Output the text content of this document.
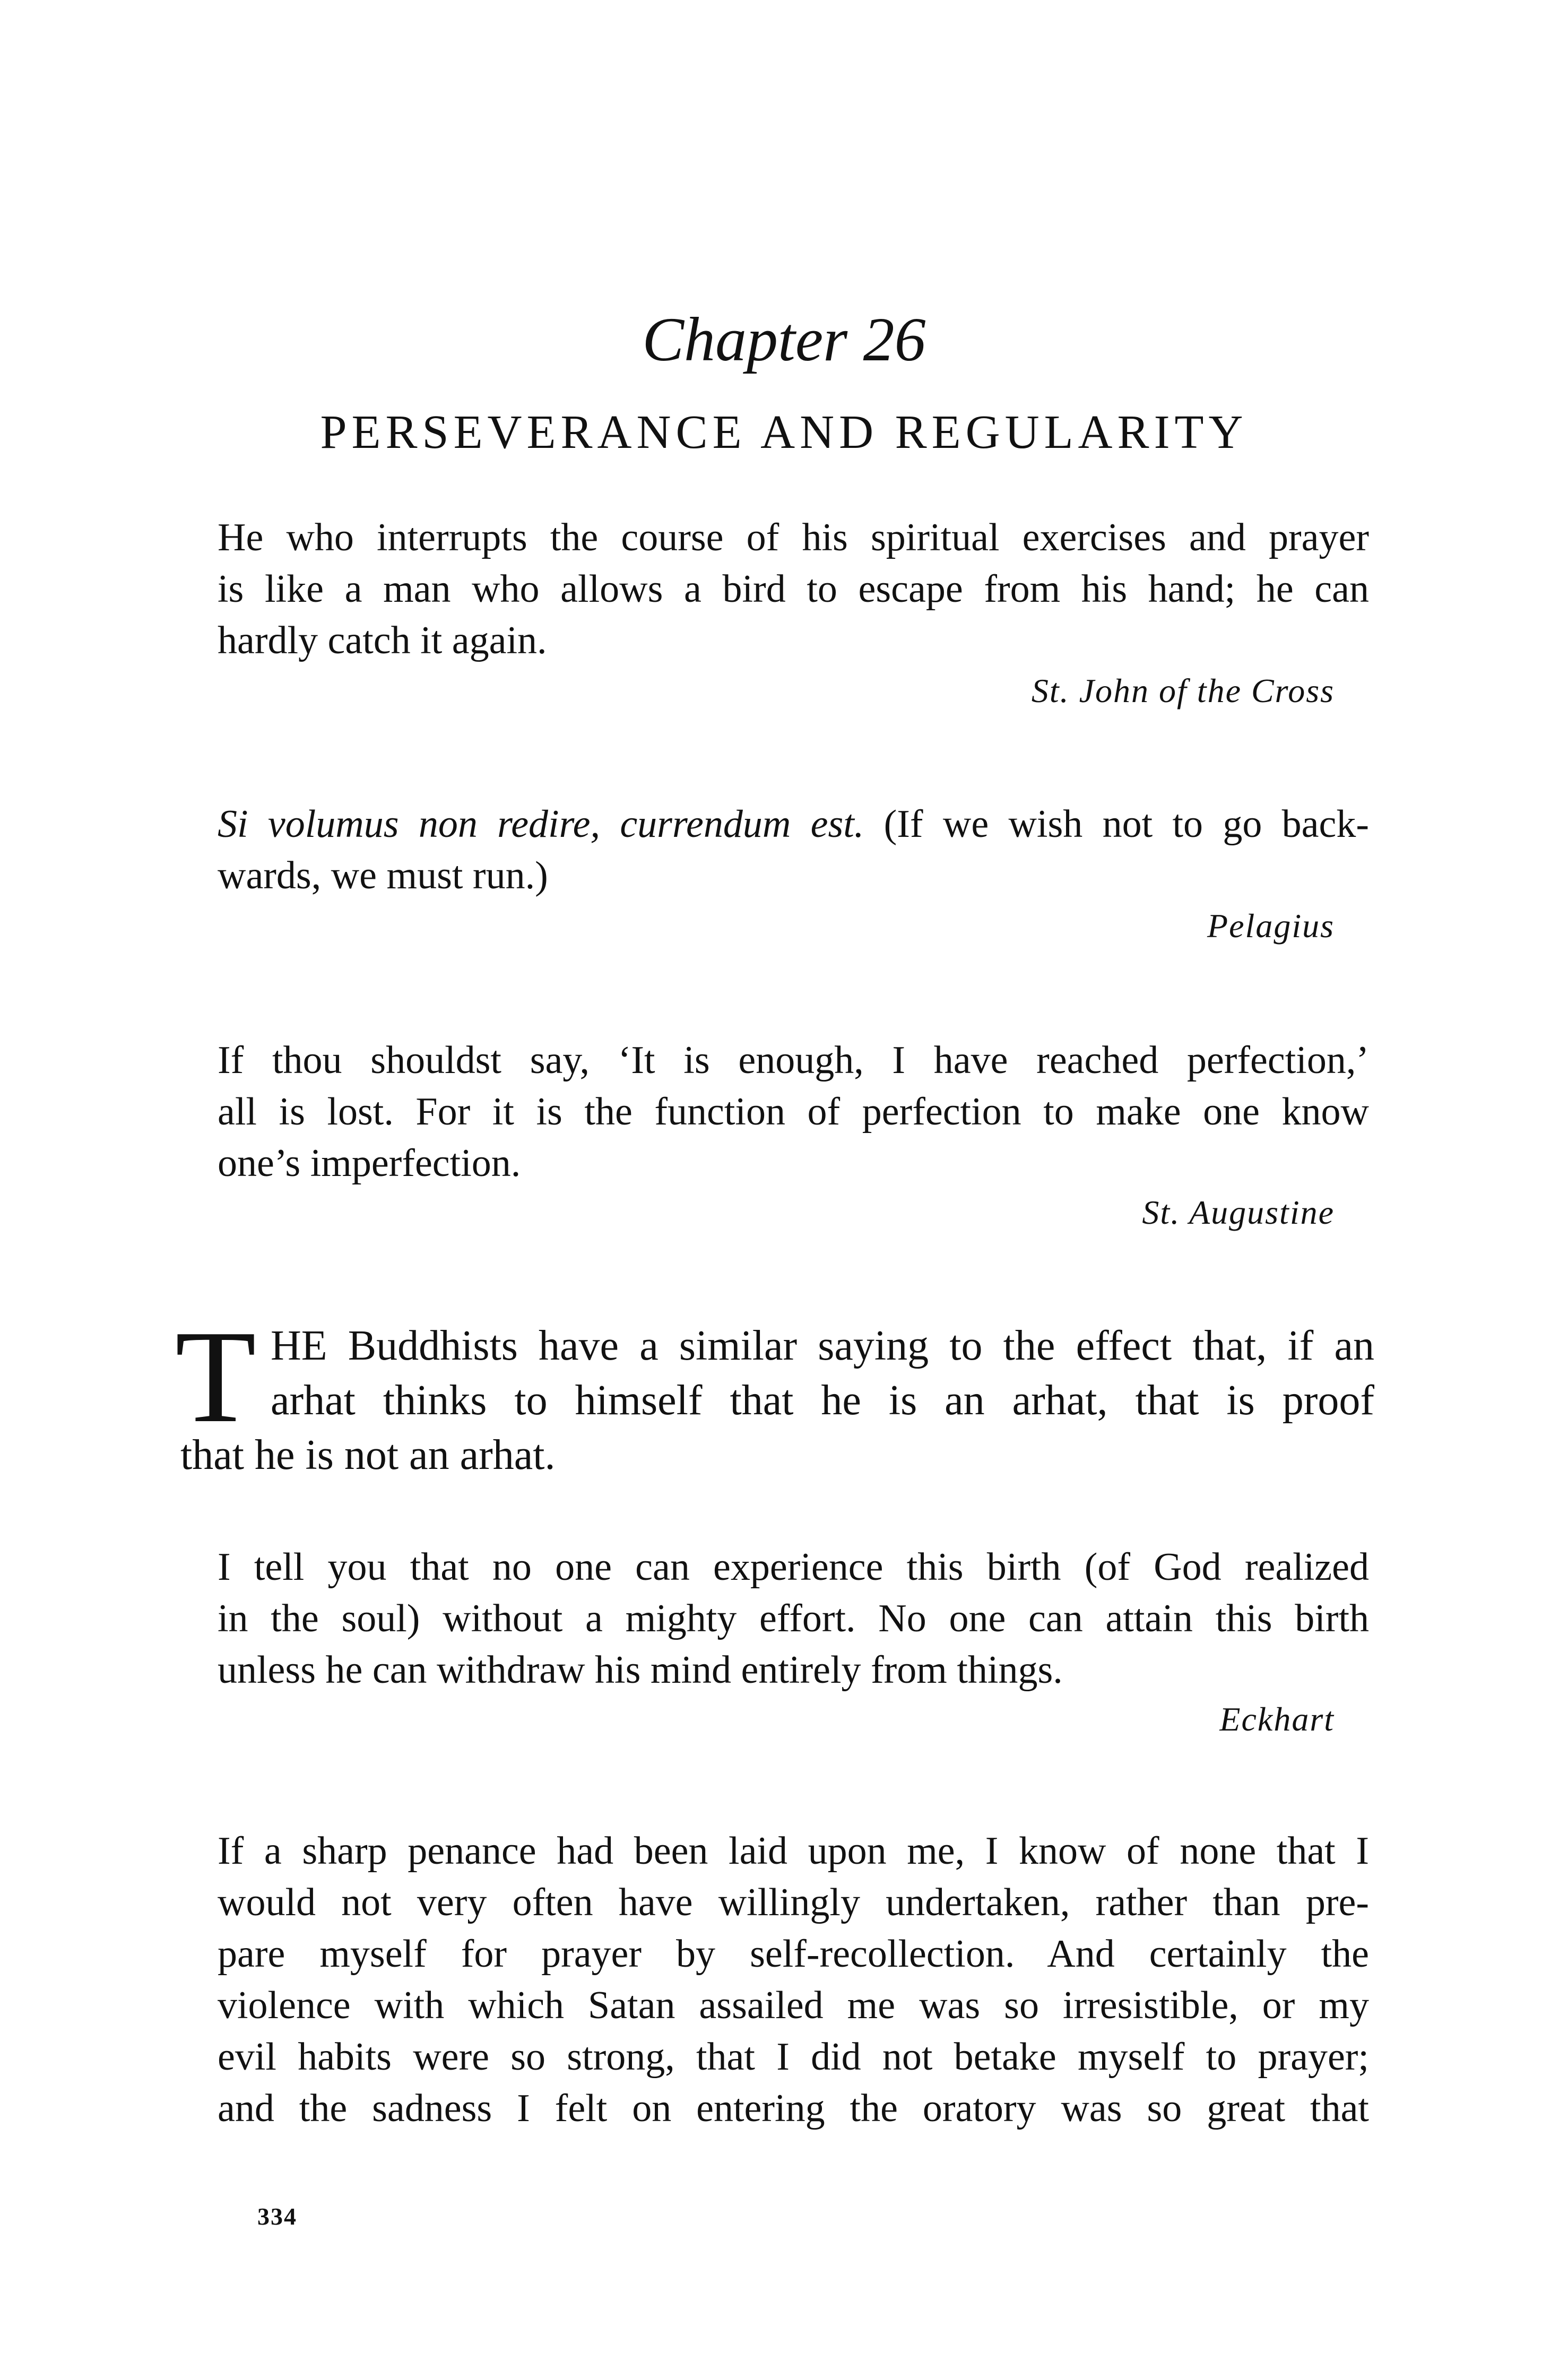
Chapter 26
PERSEVERANCE AND REGULARITY
He who interrupts the course of his spiritual exercises and prayer
is like a man who allows a bird to escape from his hand; he can
hardly catch it again.
St. John of the Cross
Si volumus non redire, currendum est. (If we wish not to go back-
wards, we must run.)
Pelagius
If thou shouldst say, ‘It is enough, I have reached perfection,’
all is lost. For it is the function of perfection to make one know
one’s imperfection.
St. Augustine
T HE Buddhists have a similar saying to the effect that, if an
arhat thinks to himself that he is an arhat, that is proof
that he is not an arhat.
I tell you that no one can experience this birth (of God realized
in the soul) without a mighty effort. No one can attain this birth
unless he can withdraw his mind entirely from things.
Eckhart
If a sharp penance had been laid upon me, I know of none that I
would not very often have willingly undertaken, rather than pre-
pare myself for prayer by self-recollection. And certainly the
violence with which Satan assailed me was so irresistible, or my
evil habits were so strong, that I did not betake myself to prayer;
and the sadness I felt on entering the oratory was so great that
334
